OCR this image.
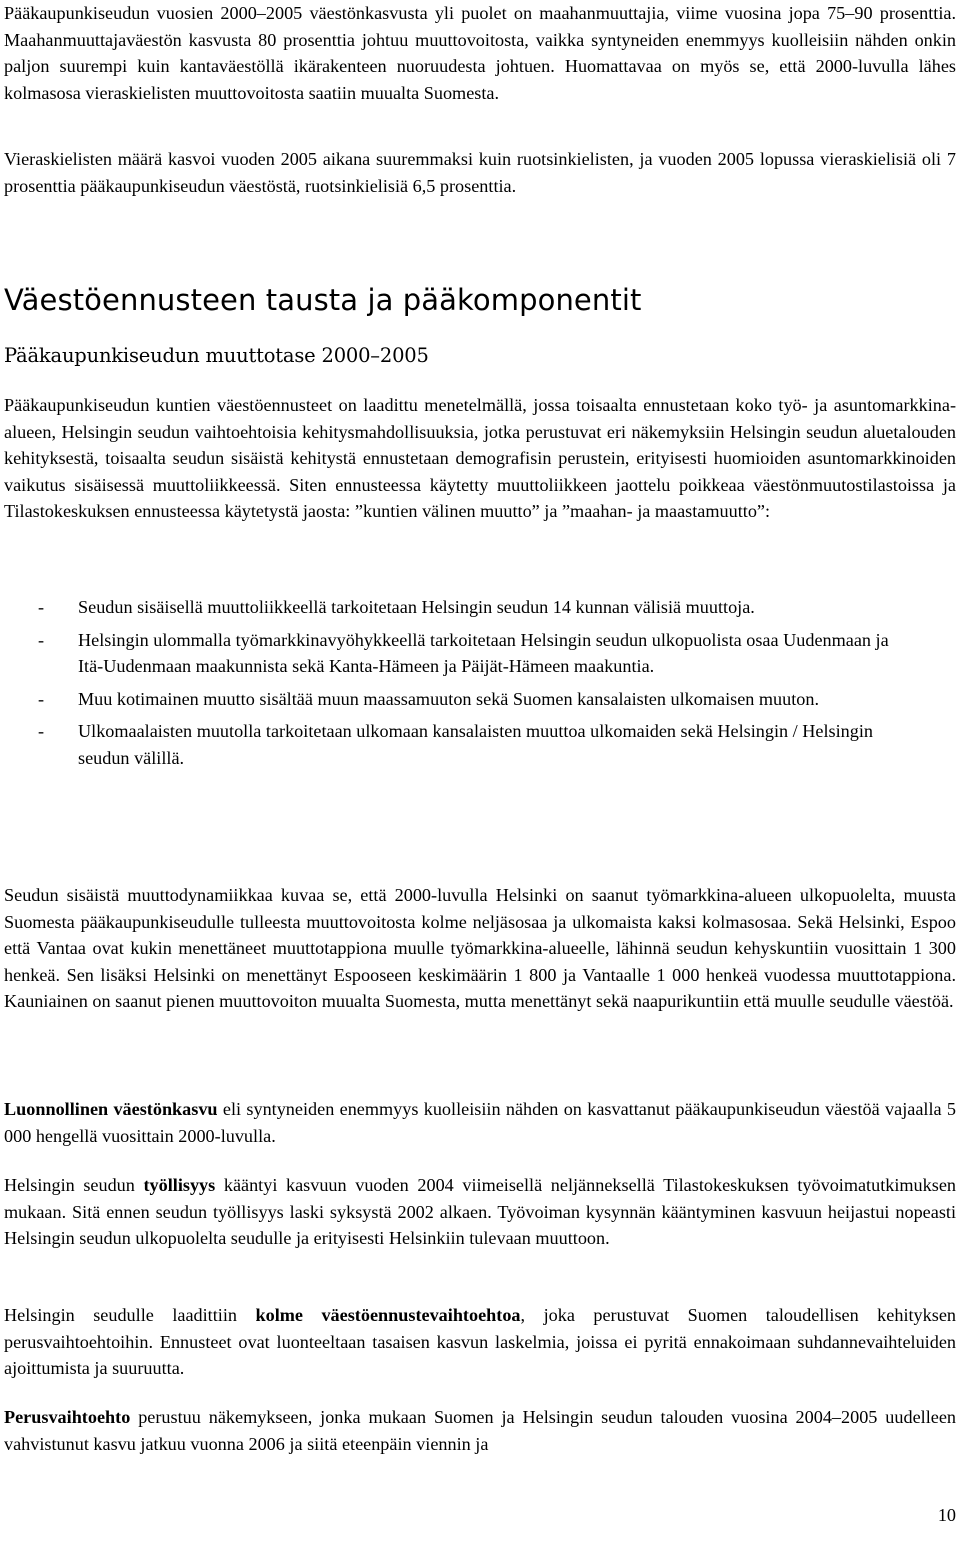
Pääkaupunkiseudun vuosien 2000–2005 väestönkasvusta yli puolet on maahanmuuttajia, viime vuosina jopa 75–90 prosenttia. Maahanmuuttajaväestön kasvusta 80 prosenttia johtuu muuttovoitosta, vaikka syntyneiden enemmyys kuolleisiin nähden onkin paljon suurempi kuin kantaväestöllä ikärakenteen nuoruudesta johtuen. Huomattavaa on myös se, että 2000-luvulla lähes kolmasosa vieraskielisten muuttovoitosta saatiin muualta Suomesta.

Vieraskielisten määrä kasvoi vuoden 2005 aikana suuremmaksi kuin ruotsinkielisten, ja vuoden 2005 lopussa vieraskielisiä oli 7 prosenttia pääkaupunkiseudun väestöstä, ruotsinkielisiä 6,5 prosenttia.

Väestöennusteen tausta ja pääkomponentit
Pääkaupunkiseudun muuttotase 2000–2005

Pääkaupunkiseudun kuntien väestöennusteet on laadittu menetelmällä, jossa toisaalta ennustetaan koko työ- ja asuntomarkkina-alueen, Helsingin seudun vaihtoehtoisia kehitysmahdollisuuksia, jotka perustuvat eri näkemyksiin Helsingin seudun aluetalouden kehityksestä, toisaalta seudun sisäistä kehitystä ennustetaan demografisin perustein, erityisesti huomioiden asuntomarkkinoiden vaikutus sisäisessä muuttoliikkeessä. Siten ennusteessa käytetty muuttoliikkeen jaottelu poikkeaa väestönmuutostilastoissa ja Tilastokeskuksen ennusteessa käytetystä jaosta: ”kuntien välinen muutto” ja ”maahan- ja maastamuutto”:

- Seudun sisäisellä muuttoliikkeellä tarkoitetaan Helsingin seudun 14 kunnan välisiä muuttoja.
- Helsingin ulommalla työmarkkinavyöhykkeellä tarkoitetaan Helsingin seudun ulkopuolista osaa Uudenmaan ja Itä-Uudenmaan maakunnista sekä Kanta-Hämeen ja Päijät-Hämeen maakuntia.
- Muu kotimainen muutto sisältää muun maassamuuton sekä Suomen kansalaisten ulkomaisen muuton.
- Ulkomaalaisten muutolla tarkoitetaan ulkomaan kansalaisten muuttoa ulkomaiden sekä Helsingin / Helsingin seudun välillä.

Seudun sisäistä muuttodynamiikkaa kuvaa se, että 2000-luvulla Helsinki on saanut työmarkkina-alueen ulkopuolelta, muusta Suomesta pääkaupunkiseudulle tulleesta muuttovoitosta kolme neljäsosaa ja ulkomaista kaksi kolmasosaa. Sekä Helsinki, Espoo että Vantaa ovat kukin menettäneet muuttotappiona muulle työmarkkina-alueelle, lähinnä seudun kehyskuntiin vuosittain 1 300 henkeä. Sen lisäksi Helsinki on menettänyt Espooseen keskimäärin 1 800 ja Vantaalle 1 000 henkeä vuodessa muuttotappiona. Kauniainen on saanut pienen muuttovoiton muualta Suomesta, mutta menettänyt sekä naapurikuntiin että muulle seudulle väestöä.

Luonnollinen väestönkasvu eli syntyneiden enemmyys kuolleisiin nähden on kasvattanut pääkaupunkiseudun väestöä vajaalla 5 000 hengellä vuosittain 2000-luvulla.

Helsingin seudun työllisyys kääntyi kasvuun vuoden 2004 viimeisellä neljänneksellä Tilastokeskuksen työvoimatutkimuksen mukaan. Sitä ennen seudun työllisyys laski syksystä 2002 alkaen. Työvoiman kysynnän kääntyminen kasvuun heijastui nopeasti Helsingin seudun ulkopuolelta seudulle ja erityisesti Helsinkiin tulevaan muuttoon.

Helsingin seudulle laadittiin kolme väestöennustevaihtoehtoa, joka perustuvat Suomen taloudellisen kehityksen perusvaihtoehtoihin. Ennusteet ovat luonteeltaan tasaisen kasvun laskelmia, joissa ei pyritä ennakoimaan suhdannevaihteluiden ajoittumista ja suuruutta.

Perusvaihtoehto perustuu näkemykseen, jonka mukaan Suomen ja Helsingin seudun talouden vuosina 2004–2005 uudelleen vahvistunut kasvu jatkuu vuonna 2006 ja siitä eteenpäin viennin ja

10
